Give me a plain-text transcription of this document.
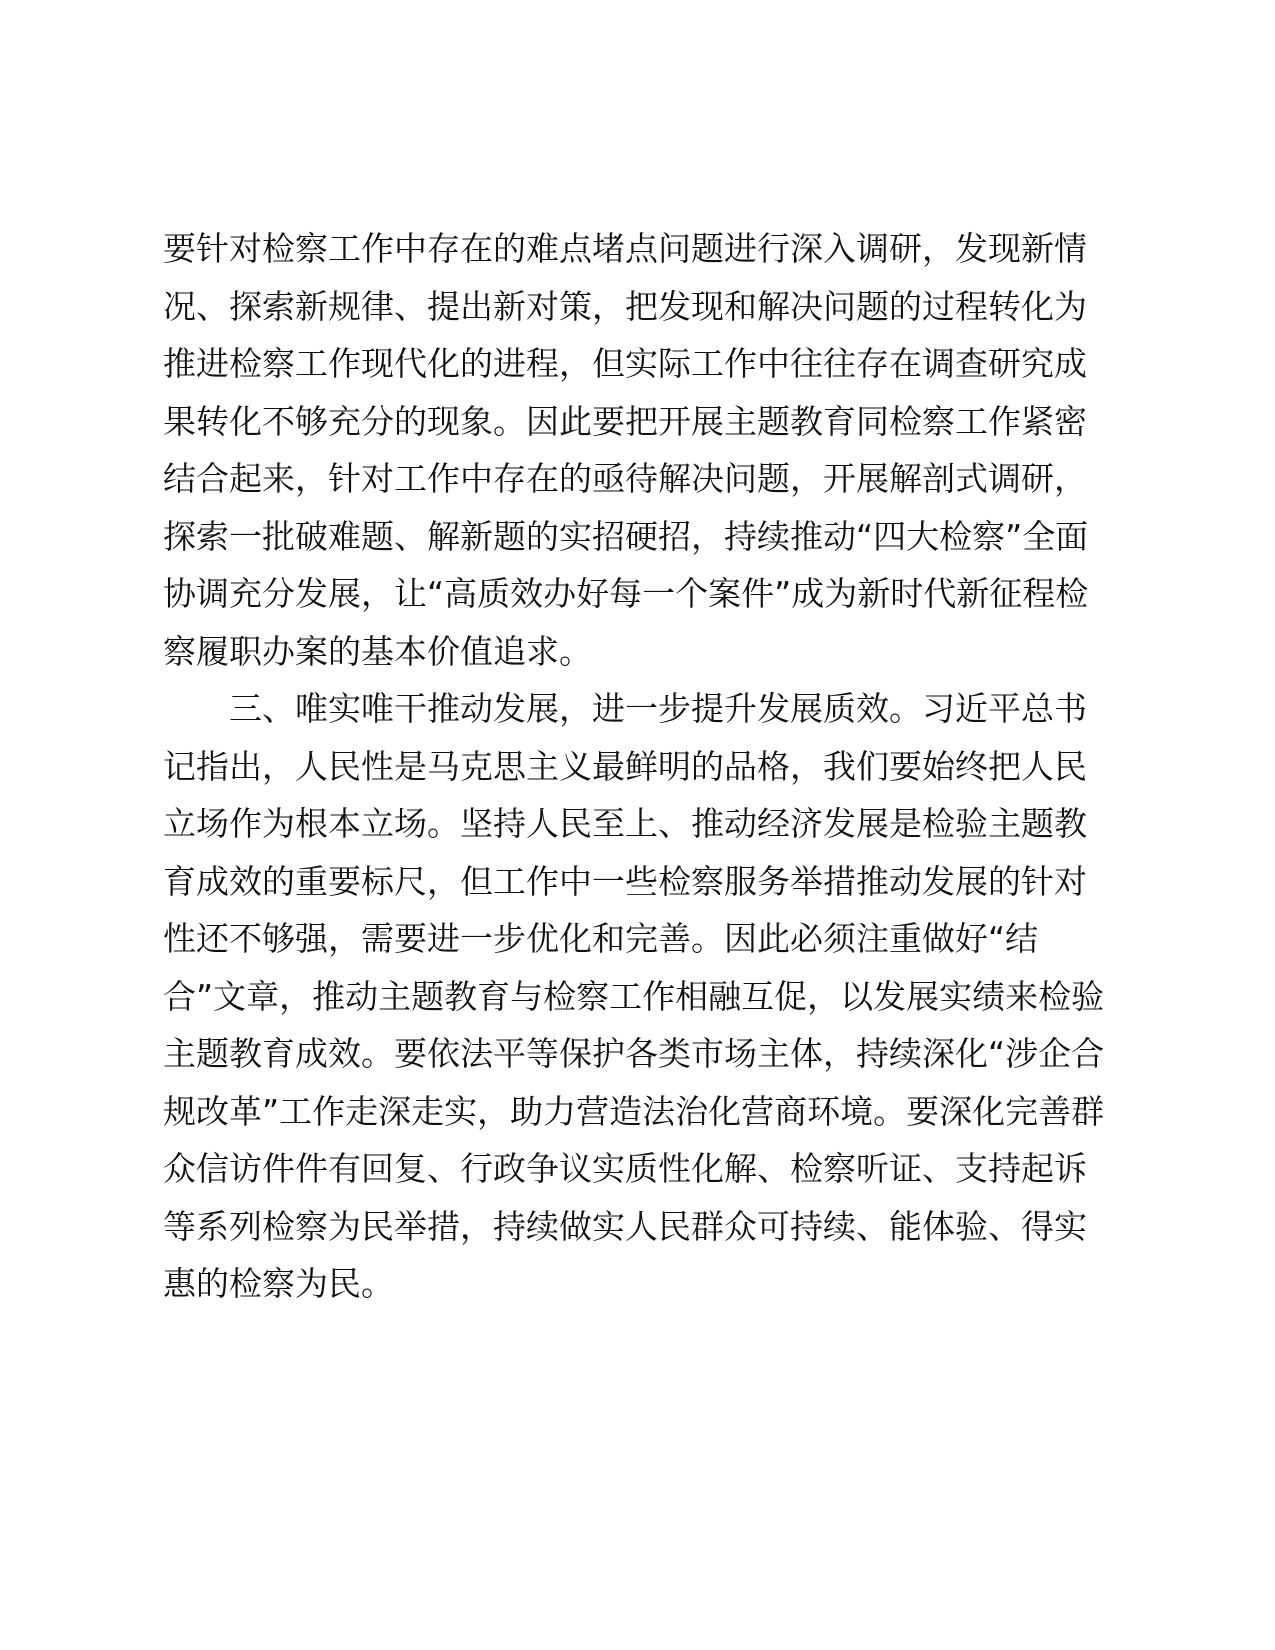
要针对检察工作中存在的难点堵点问题进行深入调研，发现新情
况、探索新规律、提出新对策，把发现和解决问题的过程转化为
推进检察工作现代化的进程，但实际工作中往往存在调查研究成
果转化不够充分的现象。因此要把开展主题教育同检察工作紧密
结合起来，针对工作中存在的亟待解决问题，开展解剖式调研，
探索一批破难题、解新题的实招硬招，持续推动“四大检察”全面
协调充分发展，让“高质效办好每一个案件”成为新时代新征程检
察履职办案的基本价值追求。
　　三、唯实唯干推动发展，进一步提升发展质效。习近平总书
记指出，人民性是马克思主义最鲜明的品格，我们要始终把人民
立场作为根本立场。坚持人民至上、推动经济发展是检验主题教
育成效的重要标尺，但工作中一些检察服务举措推动发展的针对
性还不够强，需要进一步优化和完善。因此必须注重做好“结
合”文章，推动主题教育与检察工作相融互促，以发展实绩来检验
主题教育成效。要依法平等保护各类市场主体，持续深化“涉企合
规改革”工作走深走实，助力营造法治化营商环境。要深化完善群
众信访件件有回复、行政争议实质性化解、检察听证、支持起诉
等系列检察为民举措，持续做实人民群众可持续、能体验、得实
惠的检察为民。
